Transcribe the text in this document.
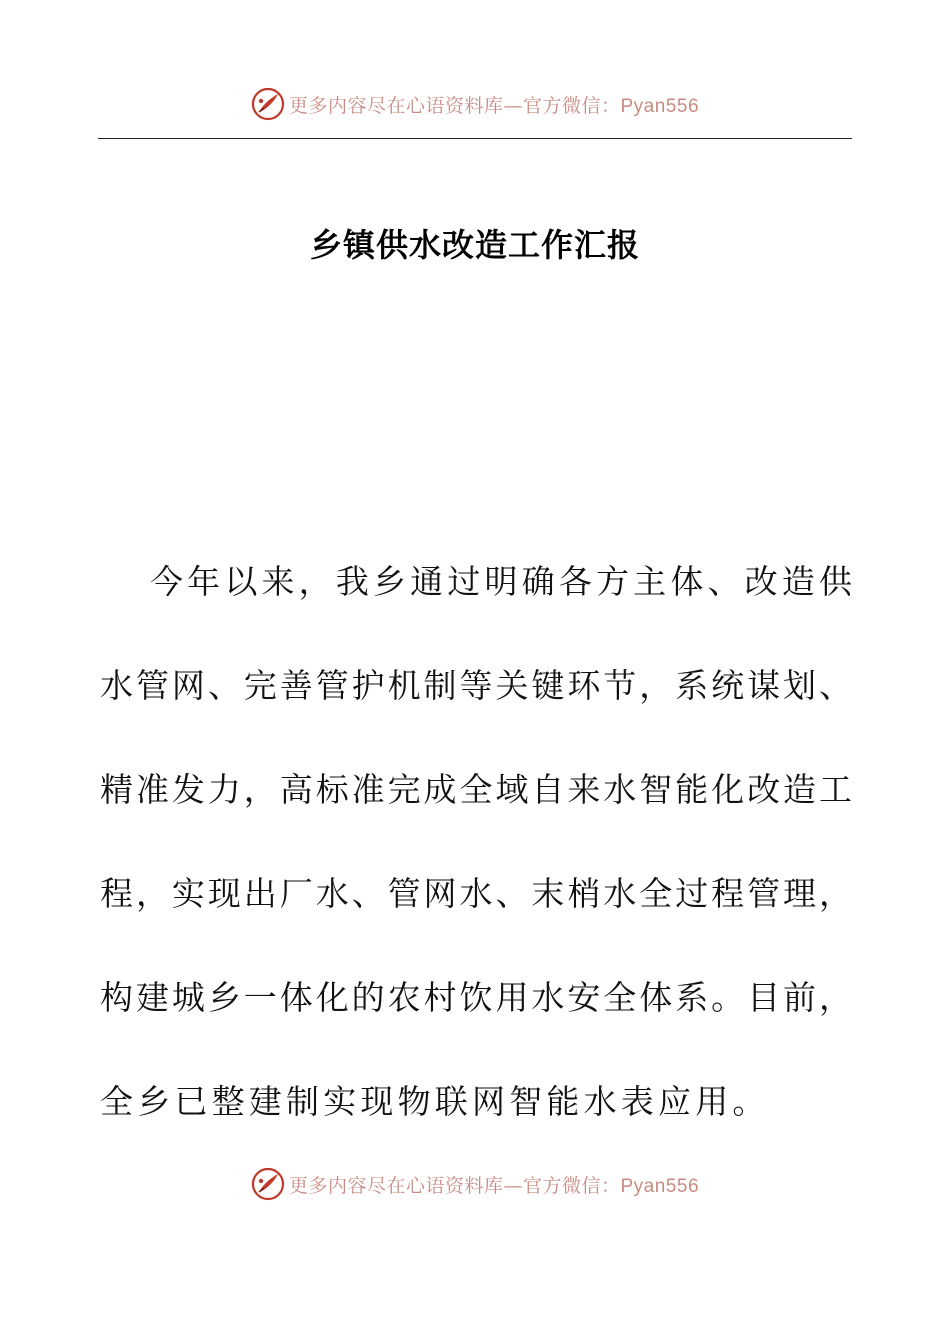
更多内容尽在心语资料库—官方微信：Pyan556
乡镇供水改造工作汇报
今年以来，我乡通过明确各方主体、改造供
水管网、完善管护机制等关键环节，系统谋划、
精准发力，高标准完成全域自来水智能化改造工
程，实现出厂水、管网水、末梢水全过程管理，
构建城乡一体化的农村饮用水安全体系。目前，
全乡已整建制实现物联网智能水表应用。
更多内容尽在心语资料库—官方微信：Pyan556
